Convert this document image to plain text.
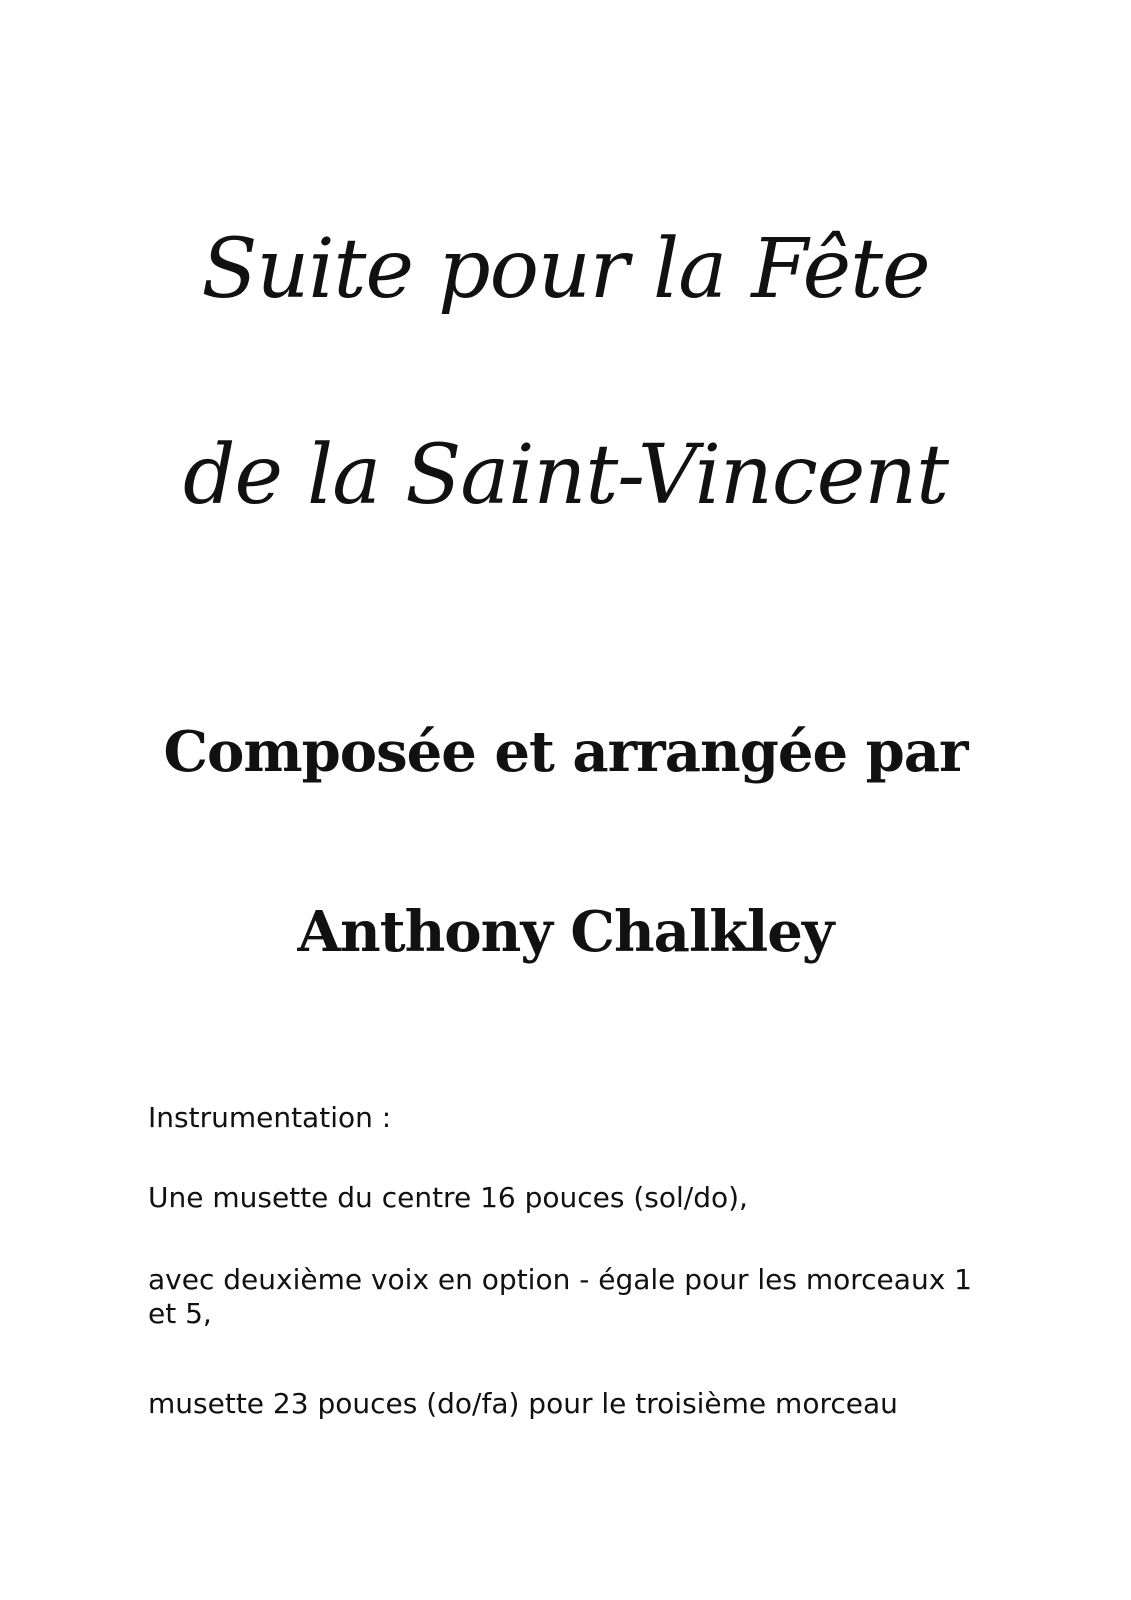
Suite pour la Fête
de la Saint-Vincent
Composée et arrangée par
Anthony Chalkley
Instrumentation :
Une musette du centre 16 pouces (sol/do),
avec deuxième voix en option - égale pour les morceaux 1 et 5,
musette 23 pouces (do/fa) pour le troisième morceau
